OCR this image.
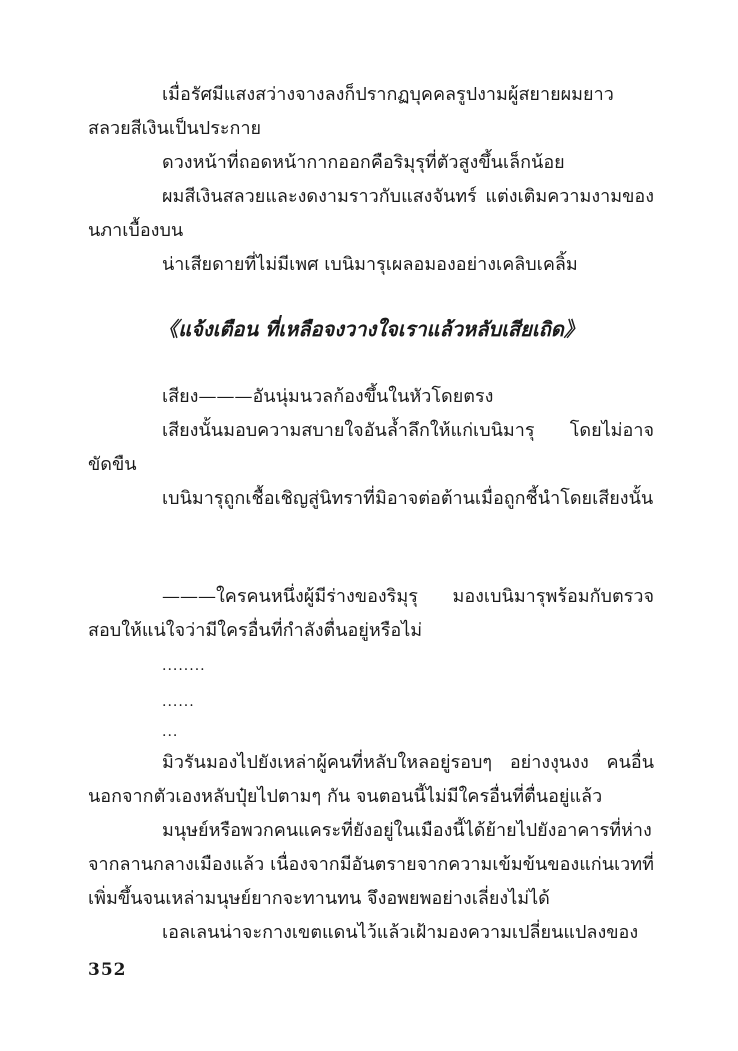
เมื่อรัศมีแสงสว่างจางลงก็ปรากฏบุคคลรูปงามผู้สยายผมยาวสลวยสีเงินเป็นประกาย

ดวงหน้าที่ถอดหน้ากากออกคือริมุรุที่ตัวสูงขึ้นเล็กน้อย

ผมสีเงินสลวยและงดงามราวกับแสงจันทร์ แต่งเติมความงามของนภาเบื้องบน

น่าเสียดายที่ไม่มีเพศ เบนิมารุเผลอมองอย่างเคลิบเคลิ้ม

《แจ้งเตือน ที่เหลือจงวางใจเราแล้วหลับเสียเถิด》

เสียง———อันนุ่มนวลก้องขึ้นในหัวโดยตรง

เสียงนั้นมอบความสบายใจอันล้ำลึกให้แก่เบนิมารุ โดยไม่อาจขัดขืน

เบนิมารุถูกเชื้อเชิญสู่นิทราที่มิอาจต่อต้านเมื่อถูกชี้นำโดยเสียงนั้น

———ใครคนหนึ่งผู้มีร่างของริมุรุ มองเบนิมารุพร้อมกับตรวจสอบให้แน่ใจว่ามีใครอื่นที่กำลังตื่นอยู่หรือไม่

........

......

...

มิวรันมองไปยังเหล่าผู้คนที่หลับใหลอยู่รอบๆ อย่างงุนงง คนอื่นนอกจากตัวเองหลับปุ๋ยไปตามๆ กัน จนตอนนี้ไม่มีใครอื่นที่ตื่นอยู่แล้ว

มนุษย์หรือพวกคนแคระที่ยังอยู่ในเมืองนี้ได้ย้ายไปยังอาคารที่ห่างจากลานกลางเมืองแล้ว เนื่องจากมีอันตรายจากความเข้มข้นของแก่นเวทที่เพิ่มขึ้นจนเหล่ามนุษย์ยากจะทานทน จึงอพยพอย่างเลี่ยงไม่ได้

เอลเลนน่าจะกางเขตแดนไว้แล้วเฝ้ามองความเปลี่ยนแปลงของ

352
